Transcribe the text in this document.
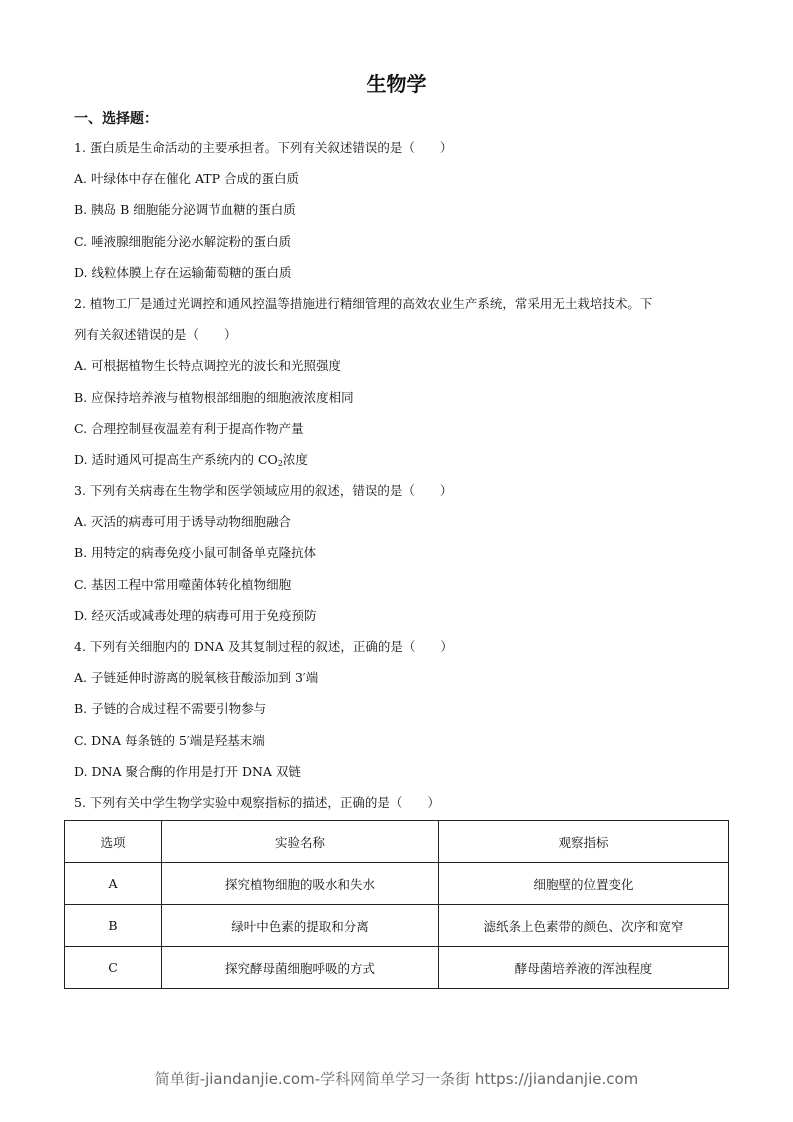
生物学
一、选择题：
1. 蛋白质是生命活动的主要承担者。下列有关叙述错误的是（　　）
A. 叶绿体中存在催化 ATP 合成的蛋白质
B. 胰岛 B 细胞能分泌调节血糖的蛋白质
C. 唾液腺细胞能分泌水解淀粉的蛋白质
D. 线粒体膜上存在运输葡萄糖的蛋白质
2. 植物工厂是通过光调控和通风控温等措施进行精细管理的高效农业生产系统，常采用无土栽培技术。下
列有关叙述错误的是（　　）
A. 可根据植物生长特点调控光的波长和光照强度
B. 应保持培养液与植物根部细胞的细胞液浓度相同
C. 合理控制昼夜温差有利于提高作物产量
D. 适时通风可提高生产系统内的 $CO_2$浓度
3. 下列有关病毒在生物学和医学领域应用的叙述，错误的是（　　）
A. 灭活的病毒可用于诱导动物细胞融合
B. 用特定的病毒免疫小鼠可制备单克隆抗体
C. 基因工程中常用噬菌体转化植物细胞
D. 经灭活或减毒处理的病毒可用于免疫预防
4. 下列有关细胞内的 DNA 及其复制过程的叙述，正确的是（　　）
A. 子链延伸时游离的脱氧核苷酸添加到 3′端
B. 子链的合成过程不需要引物参与
C. DNA 每条链的 5′端是羟基末端
D. DNA 聚合酶的作用是打开 DNA 双链
5. 下列有关中学生物学实验中观察指标的描述，正确的是（　　）
选项	实验名称	观察指标
A	探究植物细胞的吸水和失水	细胞壁的位置变化
B	绿叶中色素的提取和分离	滤纸条上色素带的颜色、次序和宽窄
C	探究酵母菌细胞呼吸的方式	酵母菌培养液的浑浊程度
简单街-jiandanjie.com-学科网简单学习一条街 https://jiandanjie.com
